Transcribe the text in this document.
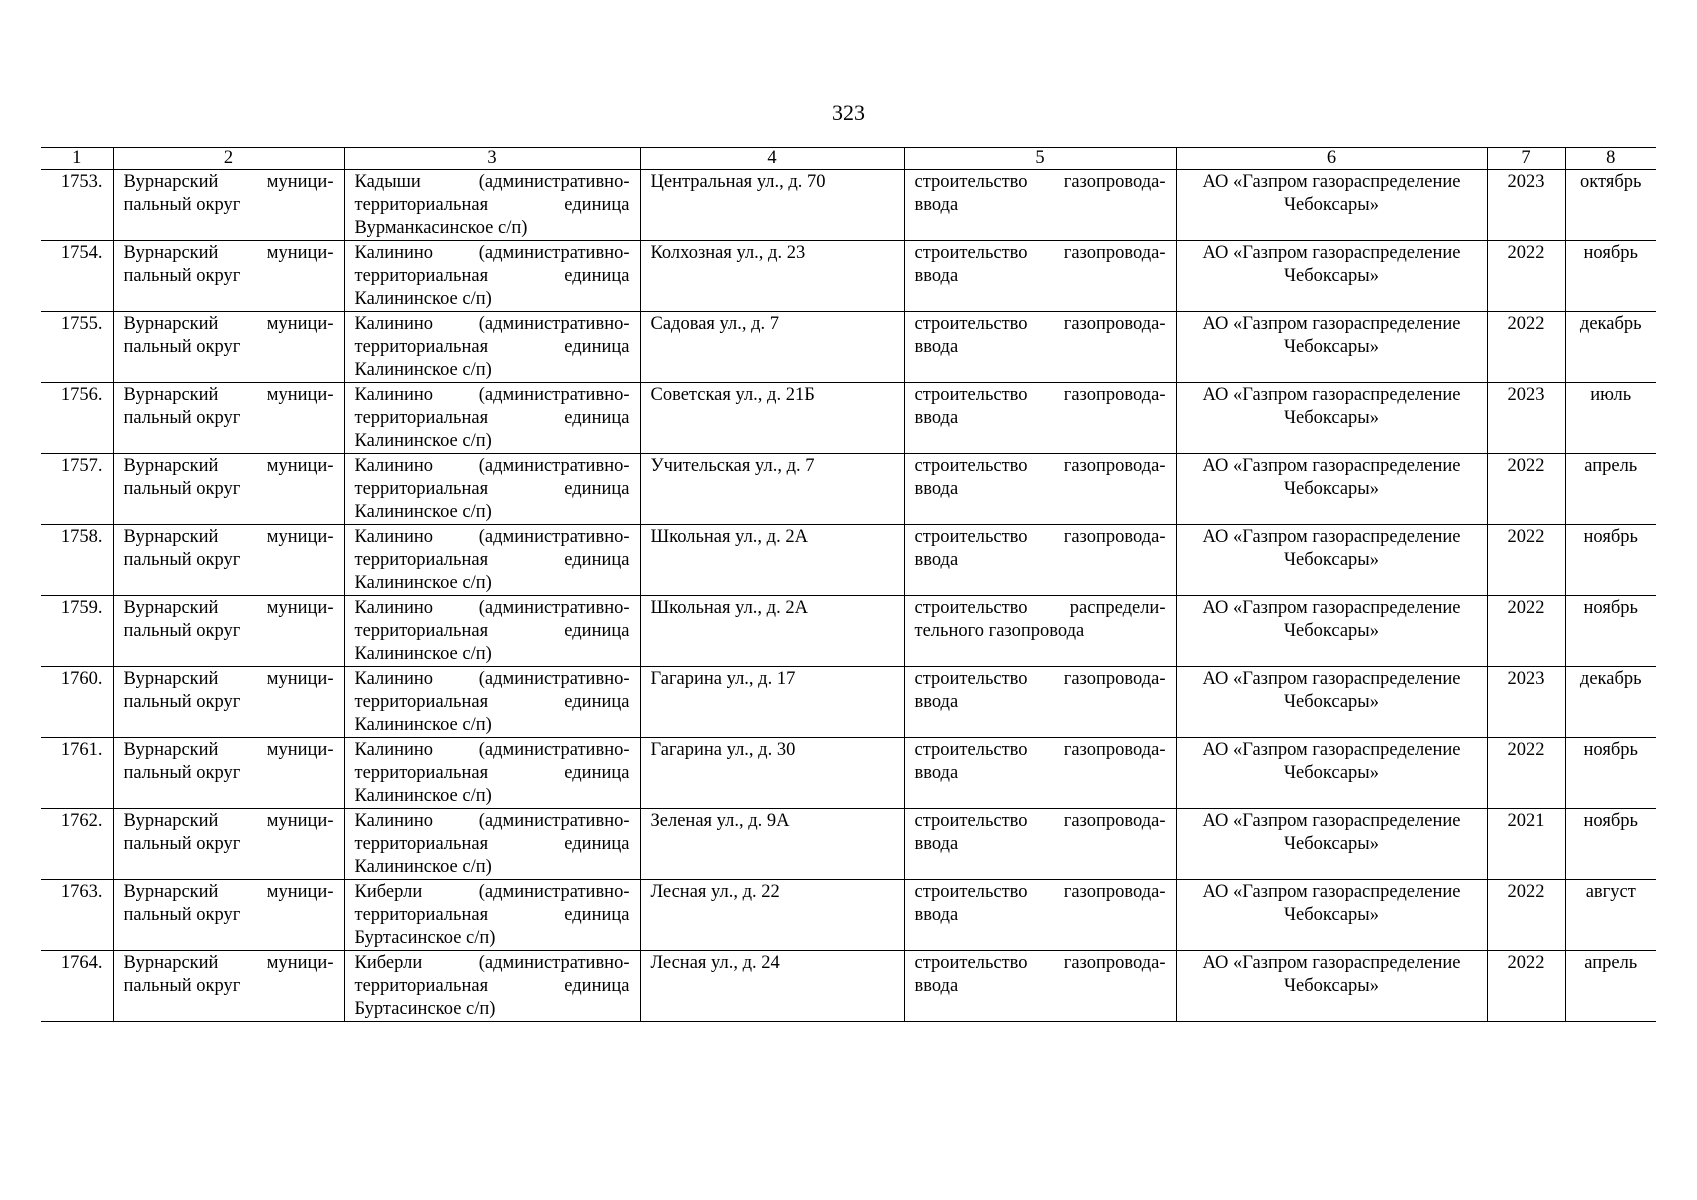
323
1	2	3	4	5	6	7	8
1753.	Вурнарский муници-пальный округ	Кадыши (административно-территориальная единица Вурманкасинское с/п)	Центральная ул., д. 70	строительство газопровода-ввода	АО «Газпром газораспределение Чебоксары»	2023	октябрь
1754.	Вурнарский муници-пальный округ	Калинино (административно-территориальная единица Калининское с/п)	Колхозная ул., д. 23	строительство газопровода-ввода	АО «Газпром газораспределение Чебоксары»	2022	ноябрь
1755.	Вурнарский муници-пальный округ	Калинино (административно-территориальная единица Калининское с/п)	Садовая ул., д. 7	строительство газопровода-ввода	АО «Газпром газораспределение Чебоксары»	2022	декабрь
1756.	Вурнарский муници-пальный округ	Калинино (административно-территориальная единица Калининское с/п)	Советская ул., д. 21Б	строительство газопровода-ввода	АО «Газпром газораспределение Чебоксары»	2023	июль
1757.	Вурнарский муници-пальный округ	Калинино (административно-территориальная единица Калининское с/п)	Учительская ул., д. 7	строительство газопровода-ввода	АО «Газпром газораспределение Чебоксары»	2022	апрель
1758.	Вурнарский муници-пальный округ	Калинино (административно-территориальная единица Калининское с/п)	Школьная ул., д. 2А	строительство газопровода-ввода	АО «Газпром газораспределение Чебоксары»	2022	ноябрь
1759.	Вурнарский муници-пальный округ	Калинино (административно-территориальная единица Калининское с/п)	Школьная ул., д. 2А	строительство распредели-тельного газопровода	АО «Газпром газораспределение Чебоксары»	2022	ноябрь
1760.	Вурнарский муници-пальный округ	Калинино (административно-территориальная единица Калининское с/п)	Гагарина ул., д. 17	строительство газопровода-ввода	АО «Газпром газораспределение Чебоксары»	2023	декабрь
1761.	Вурнарский муници-пальный округ	Калинино (административно-территориальная единица Калининское с/п)	Гагарина ул., д. 30	строительство газопровода-ввода	АО «Газпром газораспределение Чебоксары»	2022	ноябрь
1762.	Вурнарский муници-пальный округ	Калинино (административно-территориальная единица Калининское с/п)	Зеленая ул., д. 9А	строительство газопровода-ввода	АО «Газпром газораспределение Чебоксары»	2021	ноябрь
1763.	Вурнарский муници-пальный округ	Киберли (административно-территориальная единица Буртасинское с/п)	Лесная ул., д. 22	строительство газопровода-ввода	АО «Газпром газораспределение Чебоксары»	2022	август
1764.	Вурнарский муници-пальный округ	Киберли (административно-территориальная единица Буртасинское с/п)	Лесная ул., д. 24	строительство газопровода-ввода	АО «Газпром газораспределение Чебоксары»	2022	апрель
